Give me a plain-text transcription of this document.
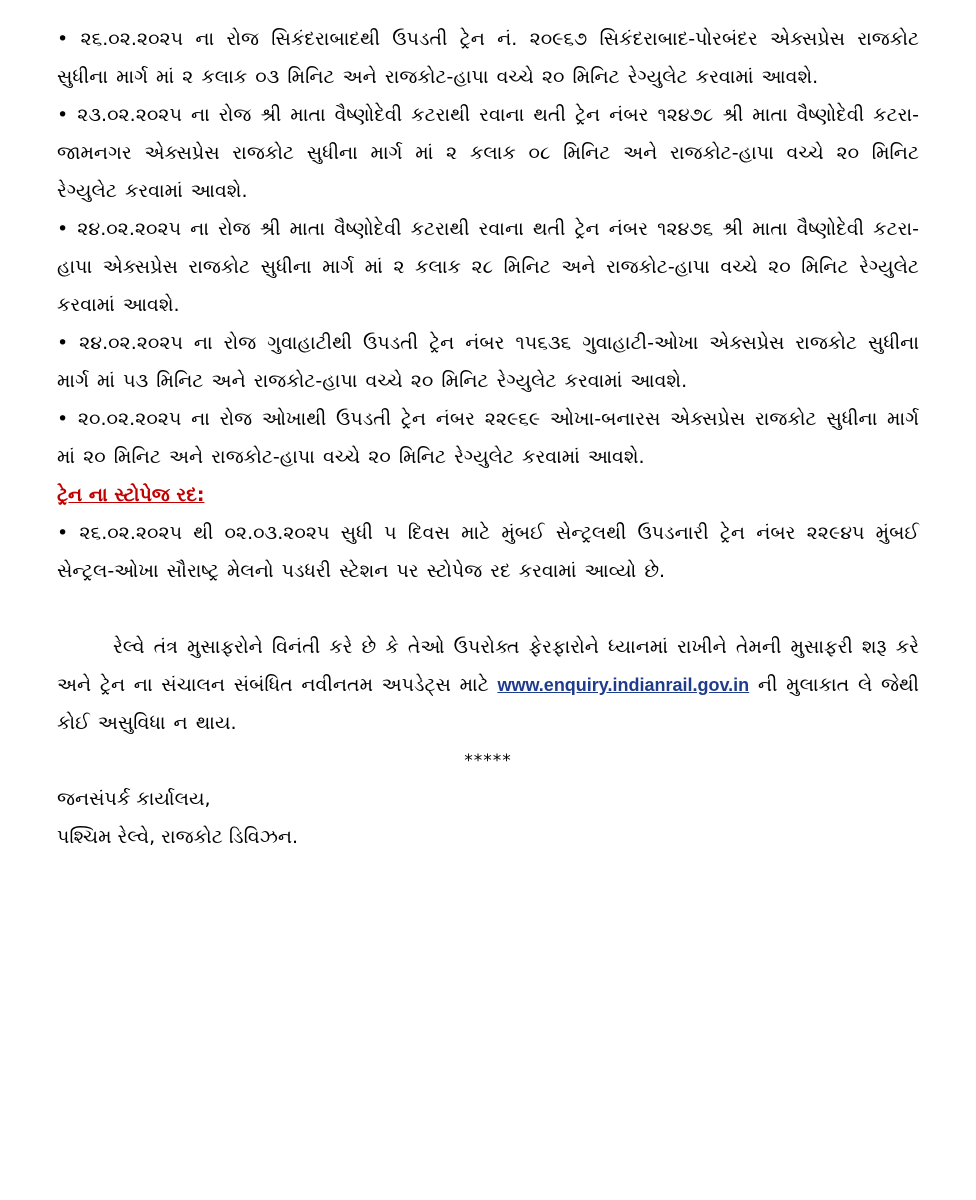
• ૨૬.૦૨.૨૦૨૫ ના રોજ સિકંદરાબાદથી ઉપડતી ટ્રેન નં. ૨૦૯૬૭ સિકંદરાબાદ-પોરબંદર એક્સપ્રેસ રાજકોટ સુધીના માર્ગ માં ૨ કલાક ૦૩ મિનિટ અને રાજકોટ-હાપા વચ્ચે ૨૦ મિનિટ રેગ્યુલેટ કરવામાં આવશે.

• ૨૩.૦૨.૨૦૨૫ ના રોજ શ્રી માતા વૈષ્ણોદેવી કટરાથી રવાના થતી ટ્રેન નંબર ૧૨૪૭૮ શ્રી માતા વૈષ્ણોદેવી કટરા-જામનગર એક્સપ્રેસ રાજકોટ સુધીના માર્ગ માં ૨ કલાક ૦૮ મિનિટ અને રાજકોટ-હાપા વચ્ચે ૨૦ મિનિટ રેગ્યુલેટ કરવામાં આવશે.

• ૨૪.૦૨.૨૦૨૫ ના રોજ શ્રી માતા વૈષ્ણોદેવી કટરાથી રવાના થતી ટ્રેન નંબર ૧૨૪૭૬ શ્રી માતા વૈષ્ણોદેવી કટરા-હાપા એક્સપ્રેસ રાજકોટ સુધીના માર્ગ માં ૨ કલાક ૨૮ મિનિટ અને રાજકોટ-હાપા વચ્ચે ૨૦ મિનિટ રેગ્યુલેટ કરવામાં આવશે.

• ૨૪.૦૨.૨૦૨૫ ના રોજ ગુવાહાટીથી ઉપડતી ટ્રેન નંબર ૧૫૬૩૬ ગુવાહાટી-ઓખા એક્સપ્રેસ રાજકોટ સુધીના માર્ગ માં ૫૩ મિનિટ અને રાજકોટ-હાપા વચ્ચે ૨૦ મિનિટ રેગ્યુલેટ કરવામાં આવશે.

• ૨૦.૦૨.૨૦૨૫ ના રોજ ઓખાથી ઉપડતી ટ્રેન નંબર ૨૨૯૬૯ ઓખા-બનારસ એક્સપ્રેસ રાજકોટ સુધીના માર્ગ માં ૨૦ મિનિટ અને રાજકોટ-હાપા વચ્ચે ૨૦ મિનિટ રેગ્યુલેટ કરવામાં આવશે.

ટ્રેન ના સ્ટોપેજ રદ:

• ૨૬.૦૨.૨૦૨૫ થી ૦૨.૦૩.૨૦૨૫ સુધી ૫ દિવસ માટે મુંબઈ સેન્ટ્રલથી ઉપડનારી ટ્રેન નંબર ૨૨૯૪૫ મુંબઈ સેન્ટ્રલ-ઓખા સૌરાષ્ટ્ર મેલનો પડધરી સ્ટેશન પર સ્ટોપેજ રદ કરવામાં આવ્યો છે.

રેલ્વે તંત્ર મુસાફરોને વિનંતી કરે છે કે તેઓ ઉપરોક્ત ફેરફારોને ધ્યાનમાં રાખીને તેમની મુસાફરી શરૂ કરે અને ટ્રેન ના સંચાલન સંબંધિત નવીનતમ અપડેટ્સ માટે www.enquiry.indianrail.gov.in ની મુલાકાત લે જેથી કોઈ અસુવિધા ન થાય.

*****

જનસંપર્ક કાર્યાલય,

પશ્ચિમ રેલ્વે, રાજકોટ ડિવિઝન.
